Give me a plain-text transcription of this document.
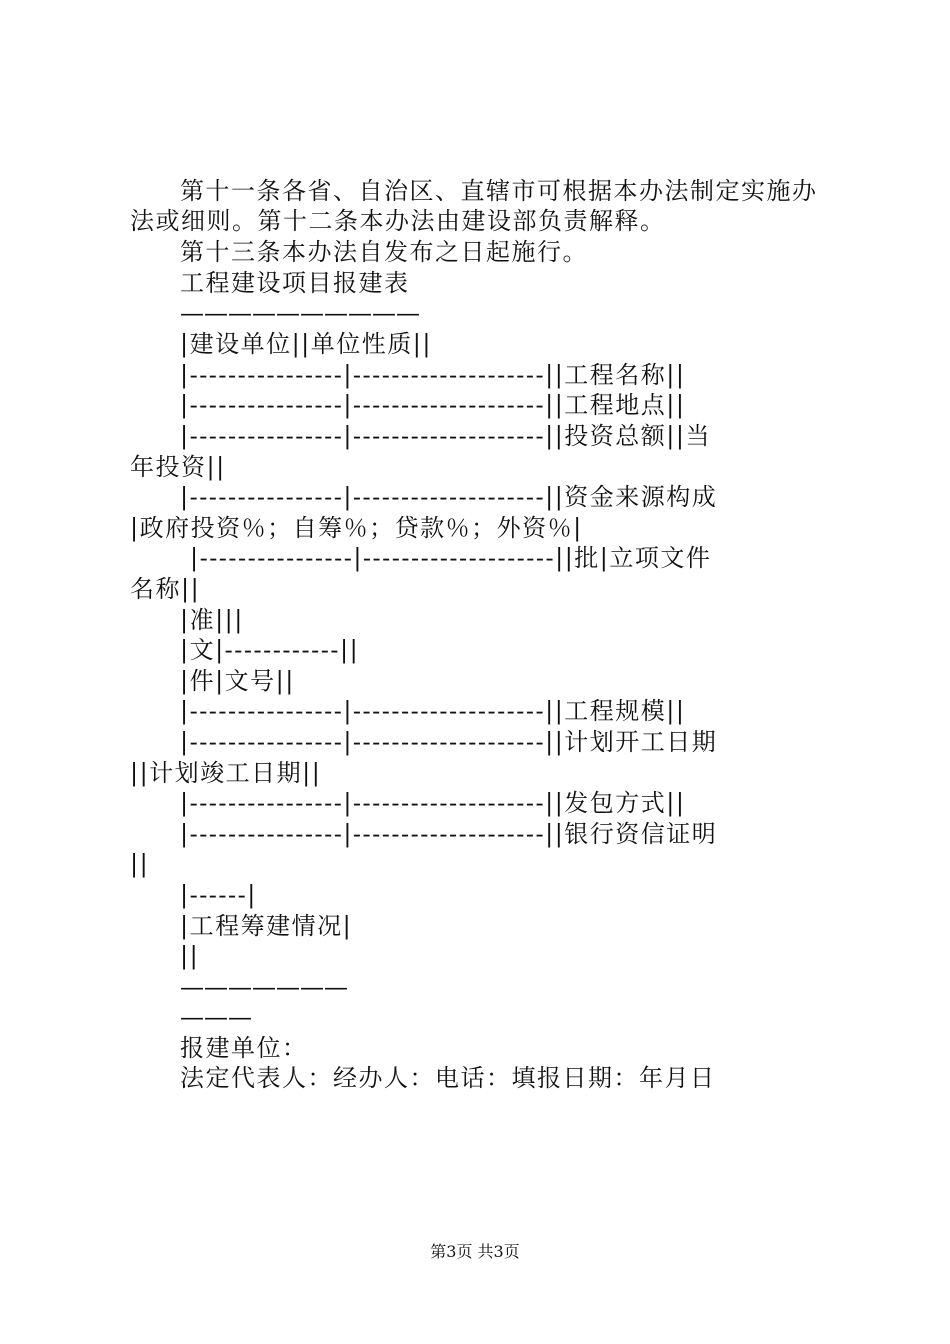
第十一条各省、自治区、直辖市可根据本办法制定实施办
法或细则。第十二条本办法由建设部负责解释。
第十三条本办法自发布之日起施行。
工程建设项目报建表
——————————
|建设单位||单位性质||
|----------------|--------------------||工程名称||
|----------------|--------------------||工程地点||
|----------------|--------------------||投资总额||当
年投资||
|----------------|--------------------||资金来源构成
|政府投资％；自筹％；贷款％；外资％|
|----------------|--------------------||批|立项文件
名称||
|准|||
|文|------------||
|件|文号||
|----------------|--------------------||工程规模||
|----------------|--------------------||计划开工日期
||计划竣工日期||
|----------------|--------------------||发包方式||
|----------------|--------------------||银行资信证明
||
|------|
|工程筹建情况|
||
———————
———
报建单位：
法定代表人：经办人：电话：填报日期：年月日
第3页 共3页
